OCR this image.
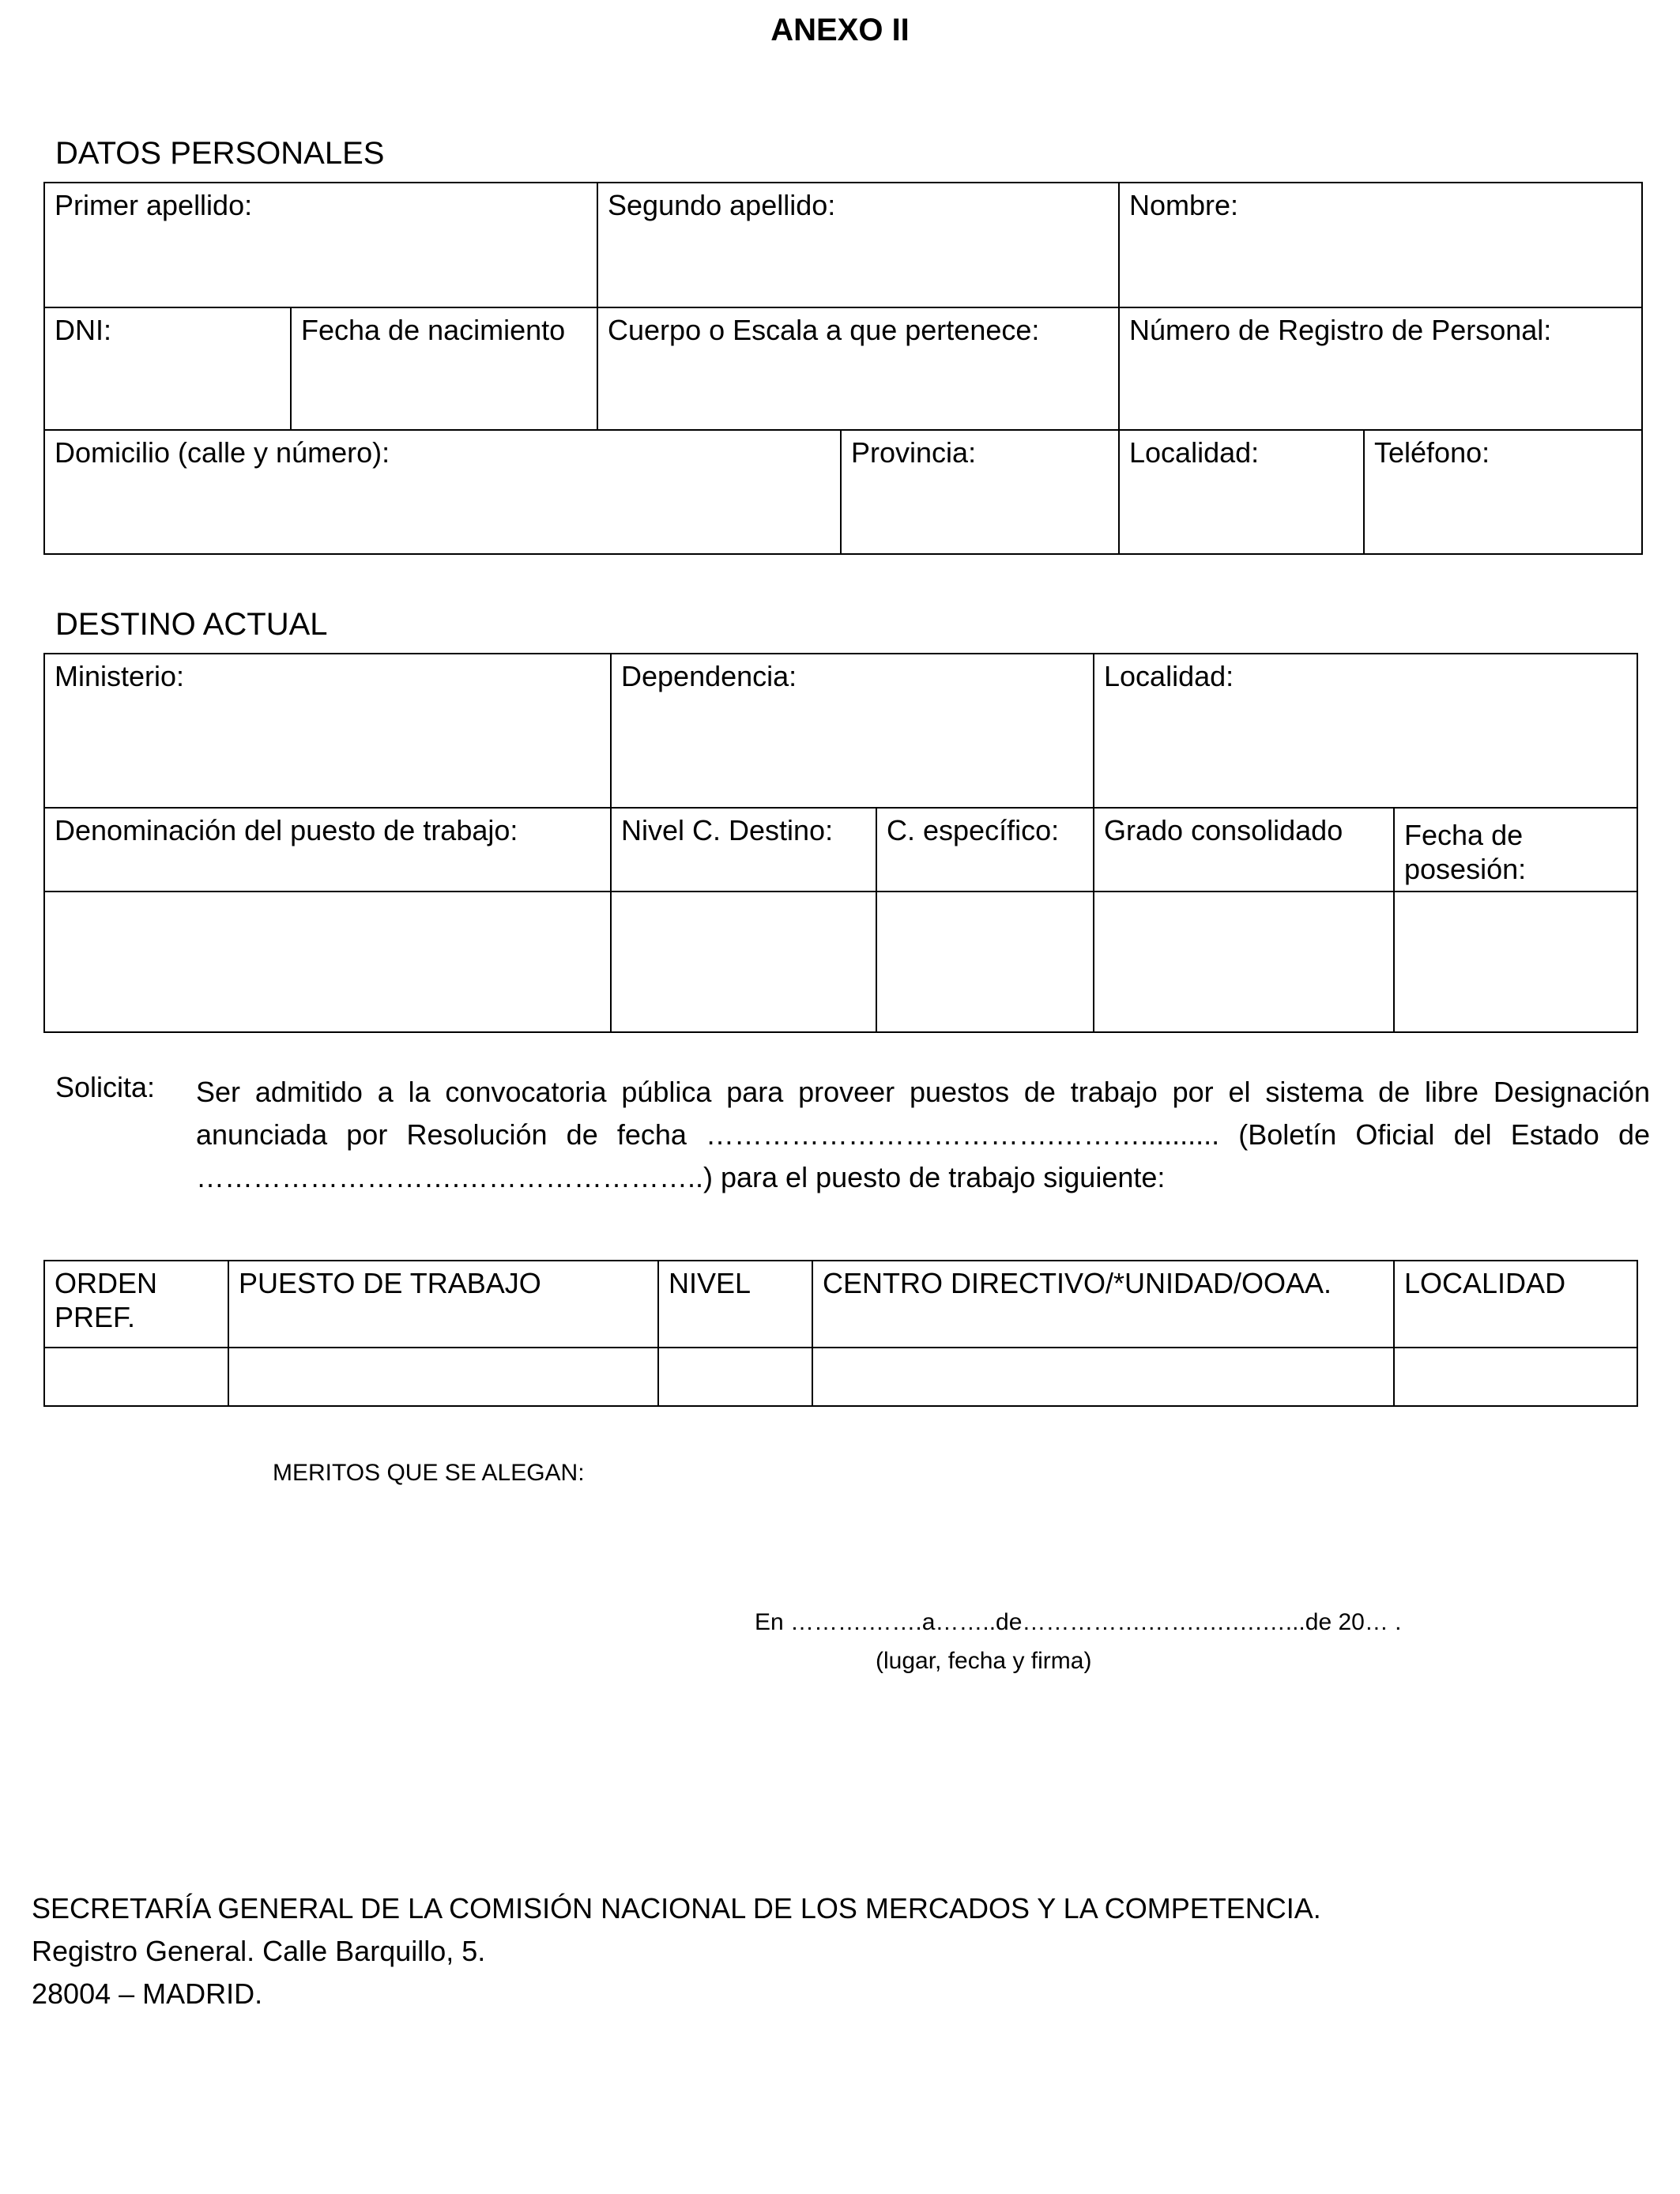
ANEXO II
DATOS PERSONALES
Primer apellido:		Segundo apellido:		Nombre:	
DNI:	Fecha de nacimiento	Cuerpo o Escala a que pertenece:		Número de Registro de Personal:	
Domicilio (calle y número):			Provincia:	Localidad:	Teléfono:
DESTINO ACTUAL
Ministerio:	Dependencia:		Localidad:	
Denominación del puesto de trabajo:	Nivel C. Destino:	C. específico:	Grado consolidado	Fecha de posesión:

Solicita: Ser admitido a la convocatoria pública para proveer puestos de trabajo por el sistema de libre Designación anunciada por Resolución de fecha ……………………………….……….......... (Boletín Oficial del Estado de ……………………….……………………..) para el puesto de trabajo siguiente:
ORDEN PREF.	PUESTO DE TRABAJO	NIVEL	CENTRO DIRECTIVO/*UNIDAD/OOAA.	LOCALIDAD

MERITOS QUE SE ALEGAN:
En ……….…….a……..de…………….…….….….…...de 20… .
(lugar, fecha y firma)
SECRETARÍA GENERAL DE LA COMISIÓN NACIONAL DE LOS MERCADOS Y LA COMPETENCIA.
Registro General. Calle Barquillo, 5.
28004 – MADRID.
